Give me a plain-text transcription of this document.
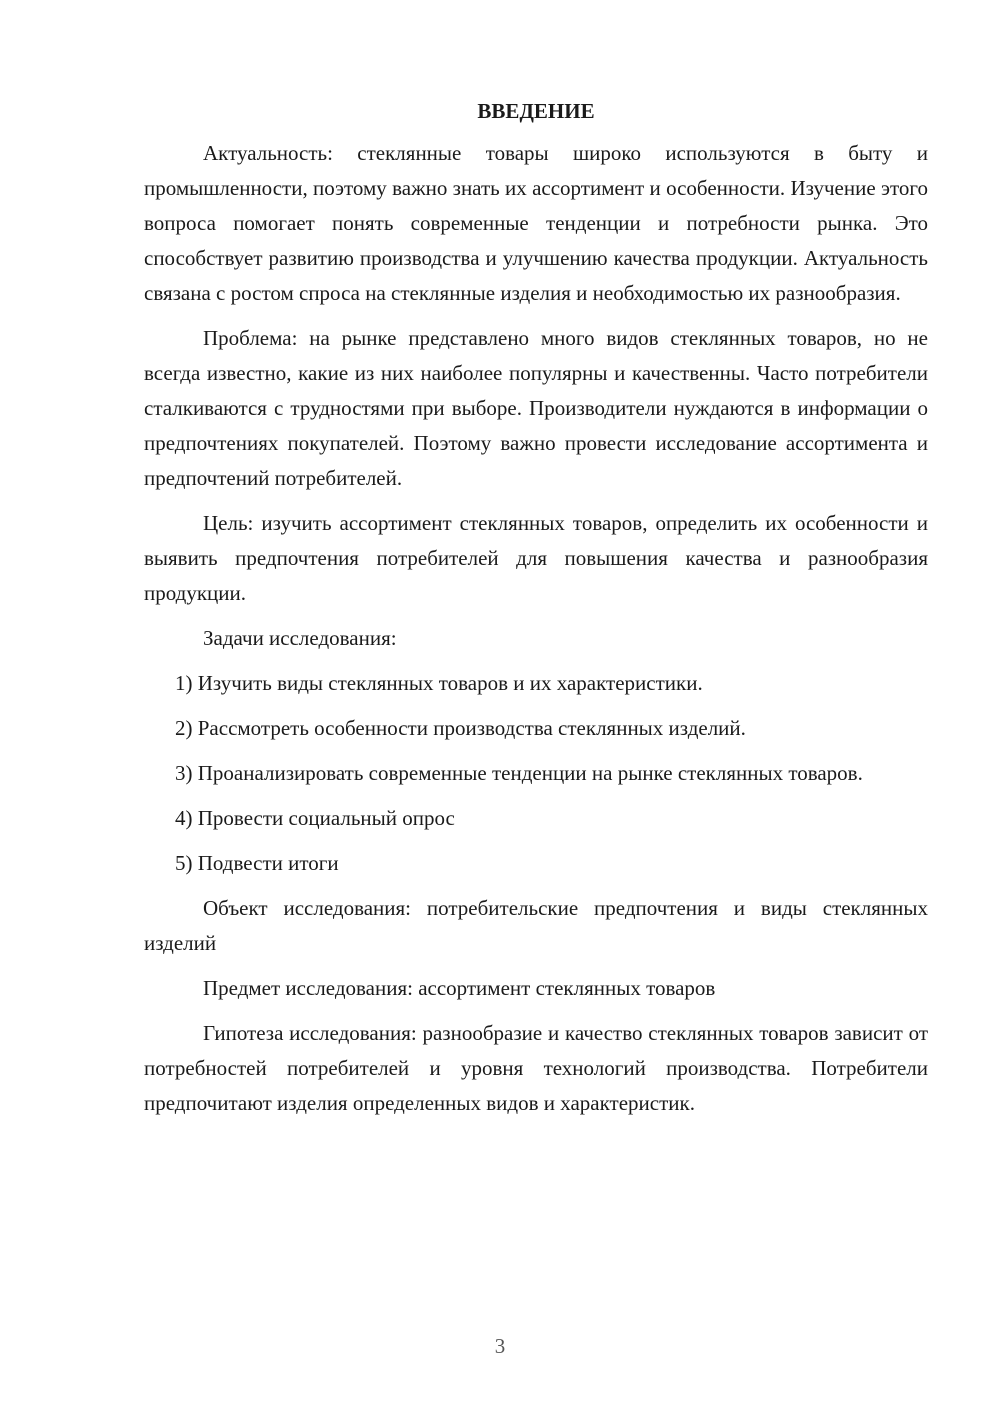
ВВЕДЕНИЕ

Актуальность: стеклянные товары широко используются в быту и промышленности, поэтому важно знать их ассортимент и особенности. Изучение этого вопроса помогает понять современные тенденции и потребности рынка. Это способствует развитию производства и улучшению качества продукции. Актуальность связана с ростом спроса на стеклянные изделия и необходимостью их разнообразия.

Проблема: на рынке представлено много видов стеклянных товаров, но не всегда известно, какие из них наиболее популярны и качественны. Часто потребители сталкиваются с трудностями при выборе. Производители нуждаются в информации о предпочтениях покупателей. Поэтому важно провести исследование ассортимента и предпочтений потребителей.

Цель: изучить ассортимент стеклянных товаров, определить их особенности и выявить предпочтения потребителей для повышения качества и разнообразия продукции.

Задачи исследования:

1) Изучить виды стеклянных товаров и их характеристики.

2) Рассмотреть особенности производства стеклянных изделий.

3) Проанализировать современные тенденции на рынке стеклянных товаров.

4) Провести социальный опрос

5) Подвести итоги

Объект исследования: потребительские предпочтения и виды стеклянных изделий

Предмет исследования: ассортимент стеклянных товаров

Гипотеза исследования: разнообразие и качество стеклянных товаров зависит от потребностей потребителей и уровня технологий производства. Потребители предпочитают изделия определенных видов и характеристик.

3
